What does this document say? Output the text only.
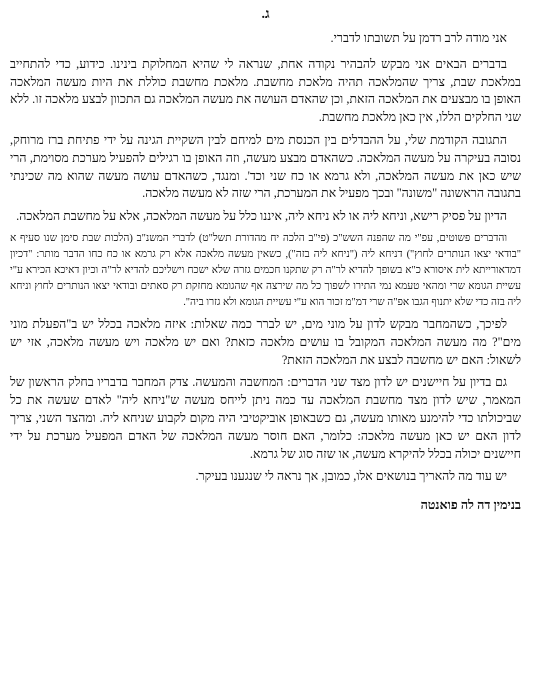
ג.

אני מודה לרב רדמן על תשובתו לדברי.

בדברים הבאים אני מבקש להבהיר נקודה אחת, שנראה לי שהיא המחלוקת בינינו. כידוע, כדי להתחייב במלאכת שבת, צריך שהמלאכה תהיה מלאכת מחשבת. מלאכת מחשבת כוללת את היות מעשה המלאכה האופן בו מבצעים את המלאכה הזאת, וכן שהאדם העושה את מעשה המלאכה גם התכוון לבצע מלאכה זו. ללא שני החלקים הללו, אין כאן מלאכת מחשבת.

התגובה הקודמת שלי, על ההבדלים בין הכנסת מים למיחם לבין השקיית הגינה על ידי פתיחת ברז מרוחק, נסובה בעיקרה על מעשה המלאכה. כשהאדם מבצע מעשה, וזה האופן בו רגילים להפעיל מערכת מסוימת, הרי שיש כאן את מעשה המלאכה, ולא גרמא או כח שני וכד'. ומנגד, כשהאדם עושה מעשה שהוא מה שכינתי בתגובה הראשונה "משונה" ובכך מפעיל את המערכת, הרי שזה לא מעשה מלאכה.

הדיון על פסיק רישא, וניחא ליה או לא ניחא ליה, איננו כלל על מעשה המלאכה, אלא על מחשבת המלאכה.

והדברים פשוטים, עפ"י מה שהפנה השש"כ (פי"ב הלכה יח מהדורת תשל"ט) לדברי המשנ"ב (הלכות שבת סימן שנו סעיף א "בודאי יצאו הנותרים לחוץ") דניחא ליה ("ניחא ליה בזה"), כשאין מעשה מלאכה אלא רק גרמא או כח כחו הדבר מותר: "דכיון דמדאורייתא לית איסורא כ"א בשופך להדיא לר"ה רק שתקנו חכמים גזרה שלא ישכח וישליכם להדיא לר"ה וכיון דאיכא הכירא ע"י עשיית הגומא שרי ומהאי טעמא נמי התירו לשפוך כל מה שירצה אף שהגומא מחזקת רק סאתים ובודאי יצאו הנותרים לחוץ וניחא ליה בזה כדי שלא יתנוף הגבו אפ"ה שרי דמ"מ זכור הוא ע"י עשיית הגומא ולא גזרו ביה".

לפיכך, כשהמחבר מבקש לדון על מוני מים, יש לברר כמה שאלות: איזה מלאכה בכלל יש ב"הפעלת מוני מים"? מה מעשה המלאכה המקובל בו עושים מלאכה כזאת? ואם יש מלאכה ויש מעשה מלאכה, אזי יש לשאול: האם יש מחשבה לבצע את המלאכה הזאת?

גם בדיון על חיישנים יש לדון מצד שני הדברים: המחשבה והמעשה. צדק המחבר בדבריו בחלק הראשון של המאמר, שיש לדון מצד מחשבת המלאכה עד כמה ניתן לייחס מעשה ש"ניחא ליה" לאדם שעשה את כל שביכולתו כדי להימנע מאותו מעשה, גם כשבאופן אוביקטיבי היה מקום לקבוע שניחא ליה. ומהצד השני, צריך לדון האם יש כאן מעשה מלאכה: כלומר, האם חוסר מעשה המלאכה של האדם המפעיל מערכת על ידי חיישנים יכולה בכלל להיקרא מעשה, או שזה סוג של גרמא.

יש עוד מה להאריך בנושאים אלו, כמובן, אך נראה לי שנגענו בעיקר.

בנימין דה לה פואנטה
